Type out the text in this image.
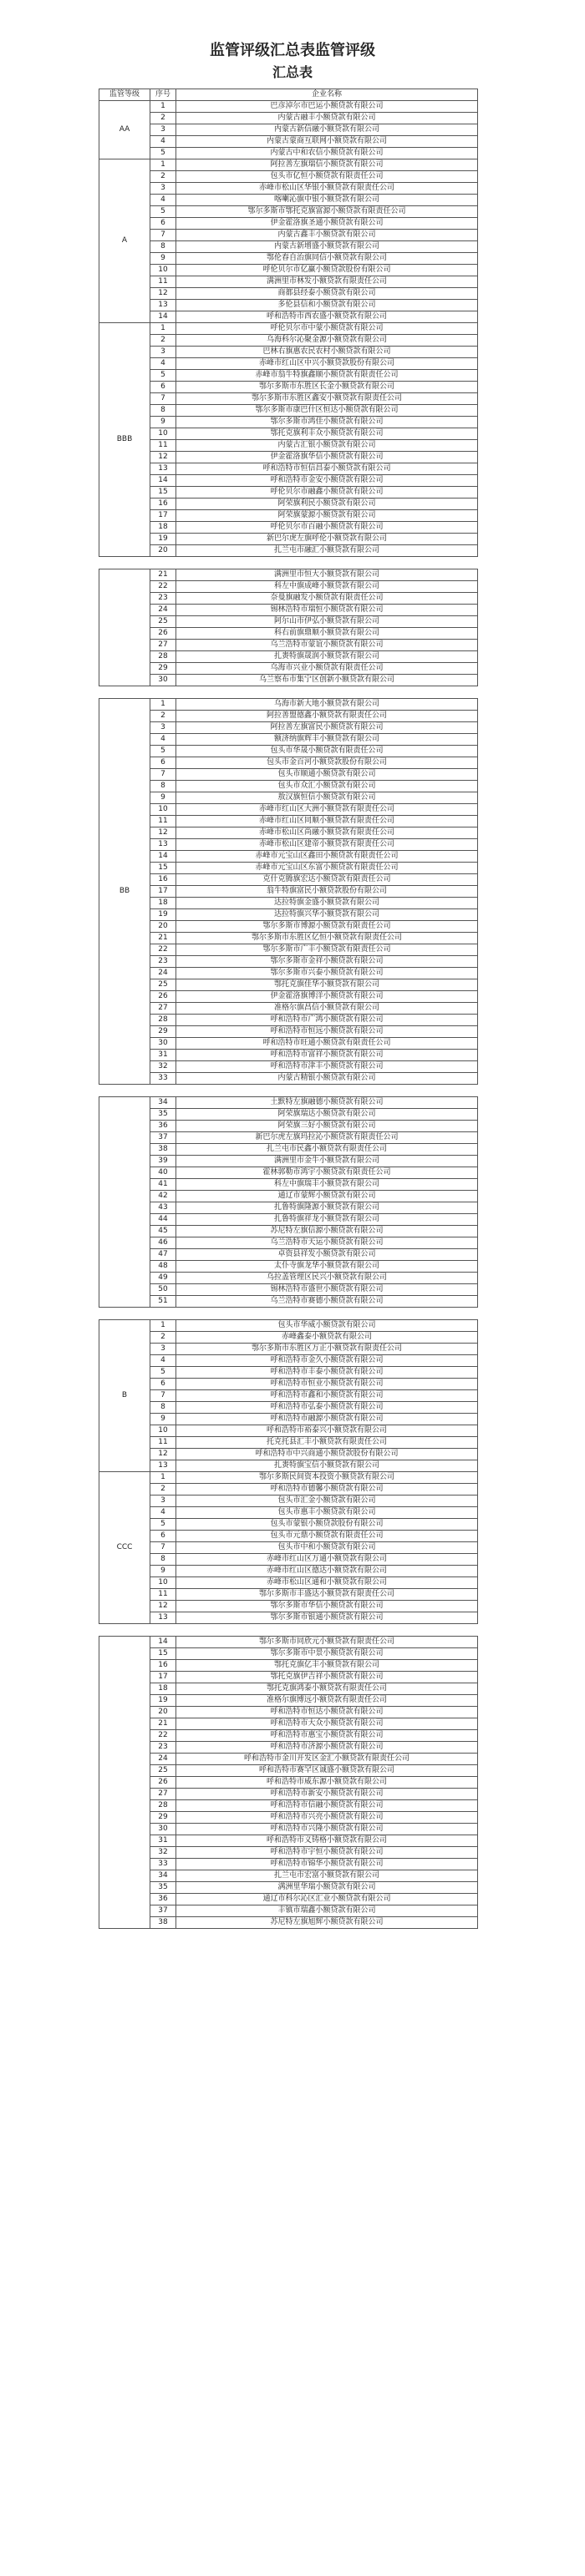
监管评级汇总表监管评级
汇总表
监管等级	序号	企业名称
AA	1	巴彦淖尔市巴运小额贷款有限公司
	2	内蒙古融丰小额贷款有限公司
	3	内蒙古新信融小额贷款有限公司
	4	内蒙古蒙商互联网小额贷款有限公司
	5	内蒙古中和农信小额贷款有限公司
A	1	阿拉善左旗瑞信小额贷款有限公司
	2	包头市亿恒小额贷款有限责任公司
	3	赤峰市松山区华银小额贷款有限责任公司
	4	喀喇沁旗中银小额贷款有限公司
	5	鄂尔多斯市鄂托克旗富源小额贷款有限责任公司
	6	伊金霍洛旗圣通小额贷款有限公司
	7	内蒙古鑫丰小额贷款有限公司
	8	内蒙古新增盛小额贷款有限公司
	9	鄂伦春自治旗同信小额贷款有限公司
	10	呼伦贝尔市亿赢小额贷款股份有限公司
	11	满洲里市林发小额贷款有限责任公司
	12	商都县经泰小额贷款有限公司
	13	多伦县信和小额贷款有限公司
	14	呼和浩特市西农盛小额贷款有限公司
BBB	1	呼伦贝尔市中蒙小额贷款有限公司
	2	乌海科尔沁聚金源小额贷款有限公司
	3	巴林右旗惠农民农村小额贷款有限公司
	4	赤峰市红山区中兴小额贷款股份有限公司
	5	赤峰市翁牛特旗鑫顺小额贷款有限责任公司
	6	鄂尔多斯市东胜区长金小额贷款有限公司
	7	鄂尔多斯市东胜区鑫安小额贷款有限责任公司
	8	鄂尔多斯市康巴什区恒达小额贷款有限公司
	9	鄂尔多斯市鸿佳小额贷款有限公司
	10	鄂托克旗利丰众小额贷款有限公司
	11	内蒙古汇银小额贷款有限公司
	12	伊金霍洛旗华信小额贷款有限公司
	13	呼和浩特市恒信昌泰小额贷款有限公司
	14	呼和浩特市金安小额贷款有限公司
	15	呼伦贝尔市融鑫小额贷款有限公司
	16	阿荣旗利民小额贷款有限公司
	17	阿荣旗蒙源小额贷款有限公司
	18	呼伦贝尔市百融小额贷款有限公司
	19	新巴尔虎左旗呼伦小额贷款有限公司
	20	扎兰屯市融汇小额贷款有限公司
	21	满洲里市恒大小额贷款有限公司
	22	科左中旗成峰小额贷款有限公司
	23	奈曼旗融发小额贷款有限责任公司
	24	锡林浩特市瑞恒小额贷款有限公司
	25	阿尔山市伊弘小额贷款有限公司
	26	科右前旗鼎顺小额贷款有限公司
	27	乌兰浩特市蒙谊小额贷款有限公司
	28	扎赉特旗晟润小额贷款有限公司
	29	乌海市兴业小额贷款有限责任公司
	30	乌兰察布市集宁区创新小额贷款有限公司
BB	1	乌海市新大地小额贷款有限公司
	2	阿拉善盟德鑫小额贷款有限责任公司
	3	阿拉善左旗富民小额贷款有限公司
	4	额济纳旗辉丰小额贷款有限公司
	5	包头市华晟小额贷款有限责任公司
	6	包头市金百河小额贷款股份有限公司
	7	包头市顺通小额贷款有限公司
	8	包头市众汇小额贷款有限公司
	9	敖汉旗恒信小额贷款有限公司
	10	赤峰市红山区大洲小额贷款有限责任公司
	11	赤峰市红山区同顺小额贷款有限责任公司
	12	赤峰市松山区尚融小额贷款有限责任公司
	13	赤峰市松山区建帝小额贷款有限责任公司
	14	赤峰市元宝山区鑫田小额贷款有限责任公司
	15	赤峰市元宝山区东富小额贷款有限责任公司
	16	克什克腾旗宏达小额贷款有限责任公司
	17	翁牛特旗富民小额贷款股份有限公司
	18	达拉特旗金盛小额贷款有限公司
	19	达拉特旗兴华小额贷款有限公司
	20	鄂尔多斯市博源小额贷款有限责任公司
	21	鄂尔多斯市东胜区亿恒小额贷款有限责任公司
	22	鄂尔多斯市广丰小额贷款有限责任公司
	23	鄂尔多斯市金祥小额贷款有限公司
	24	鄂尔多斯市兴泰小额贷款有限公司
	25	鄂托克旗佳华小额贷款有限公司
	26	伊金霍洛旗博洋小额贷款有限公司
	27	准格尔旗昌信小额贷款有限公司
	28	呼和浩特市广鸿小额贷款有限公司
	29	呼和浩特市恒远小额贷款有限公司
	30	呼和浩特市旺通小额贷款有限责任公司
	31	呼和浩特市富祥小额贷款有限公司
	32	呼和浩特市津丰小额贷款有限公司
	33	内蒙古精银小额贷款有限公司
	34	土默特左旗融德小额贷款有限公司
	35	阿荣旗瑞达小额贷款有限公司
	36	阿荣旗三好小额贷款有限公司
	37	新巴尔虎左旗玛拉沁小额贷款有限责任公司
	38	扎兰屯市民鑫小额贷款有限责任公司
	39	满洲里市金牛小额贷款有限公司
	40	霍林郭勒市鸿宇小额贷款有限责任公司
	41	科左中旗瑞丰小额贷款有限公司
	42	通辽市蒙辉小额贷款有限公司
	43	扎鲁特旗隆源小额贷款有限公司
	44	扎鲁特旗祥龙小额贷款有限公司
	45	苏尼特左旗信源小额贷款有限公司
	46	乌兰浩特市天运小额贷款有限公司
	47	卓资县祥发小额贷款有限公司
	48	太仆寺旗龙华小额贷款有限公司
	49	乌拉盖管理区民兴小额贷款有限公司
	50	锡林浩特市盛世小额贷款有限公司
	51	乌兰浩特市赛德小额贷款有限公司
B	1	包头市华威小额贷款有限公司
	2	赤峰鑫泰小额贷款有限公司
	3	鄂尔多斯市东胜区万正小额贷款有限责任公司
	4	呼和浩特市金久小额贷款有限公司
	5	呼和浩特市丰泰小额贷款有限公司
	6	呼和浩特市恒业小额贷款有限公司
	7	呼和浩特市鑫和小额贷款有限公司
	8	呼和浩特市弘泰小额贷款有限公司
	9	呼和浩特市融源小额贷款有限公司
	10	呼和浩特市裕泰兴小额贷款有限公司
	11	托克托县汇丰小额贷款有限责任公司
	12	呼和浩特市中兴商通小额贷款股份有限公司
	13	扎赉特旗宝信小额贷款有限公司
CCC	1	鄂尔多斯民间资本投资小额贷款有限公司
	2	呼和浩特市德馨小额贷款有限公司
	3	包头市汇金小额贷款有限公司
	4	包头市惠丰小额贷款有限公司
	5	包头市蒙银小额贷款股份有限公司
	6	包头市元鼎小额贷款有限责任公司
	7	包头市中和小额贷款有限公司
	8	赤峰市红山区万通小额贷款有限公司
	9	赤峰市红山区德达小额贷款有限公司
	10	赤峰市松山区通和小额贷款有限公司
	11	鄂尔多斯市丰盛达小额贷款有限责任公司
	12	鄂尔多斯市华信小额贷款有限公司
	13	鄂尔多斯市银通小额贷款有限公司
	14	鄂尔多斯市同欣元小额贷款有限责任公司
	15	鄂尔多斯市中景小额贷款有限公司
	16	鄂托克旗亿丰小额贷款有限公司
	17	鄂托克旗伊吉祥小额贷款有限公司
	18	鄂托克旗鸿泰小额贷款有限责任公司
	19	准格尔旗博远小额贷款有限责任公司
	20	呼和浩特市恒达小额贷款有限公司
	21	呼和浩特市大众小额贷款有限公司
	22	呼和浩特市惠宝小额贷款有限公司
	23	呼和浩特市济源小额贷款有限公司
	24	呼和浩特市金川开发区金汇小额贷款有限责任公司
	25	呼和浩特市赛罕区诚盛小额贷款有限公司
	26	呼和浩特市威东源小额贷款有限公司
	27	呼和浩特市新安小额贷款有限公司
	28	呼和浩特市信融小额贷款有限公司
	29	呼和浩特市兴亮小额贷款有限公司
	30	呼和浩特市兴隆小额贷款有限公司
	31	呼和浩特市义铸格小额贷款有限公司
	32	呼和浩特市宇恒小额贷款有限公司
	33	呼和浩特市锦华小额贷款有限公司
	34	扎兰屯市宏富小额贷款有限公司
	35	满洲里华瑞小额贷款有限公司
	36	通辽市科尔沁区汇业小额贷款有限公司
	37	丰镇市瑞鑫小额贷款有限公司
	38	苏尼特左旗旭辉小额贷款有限公司
